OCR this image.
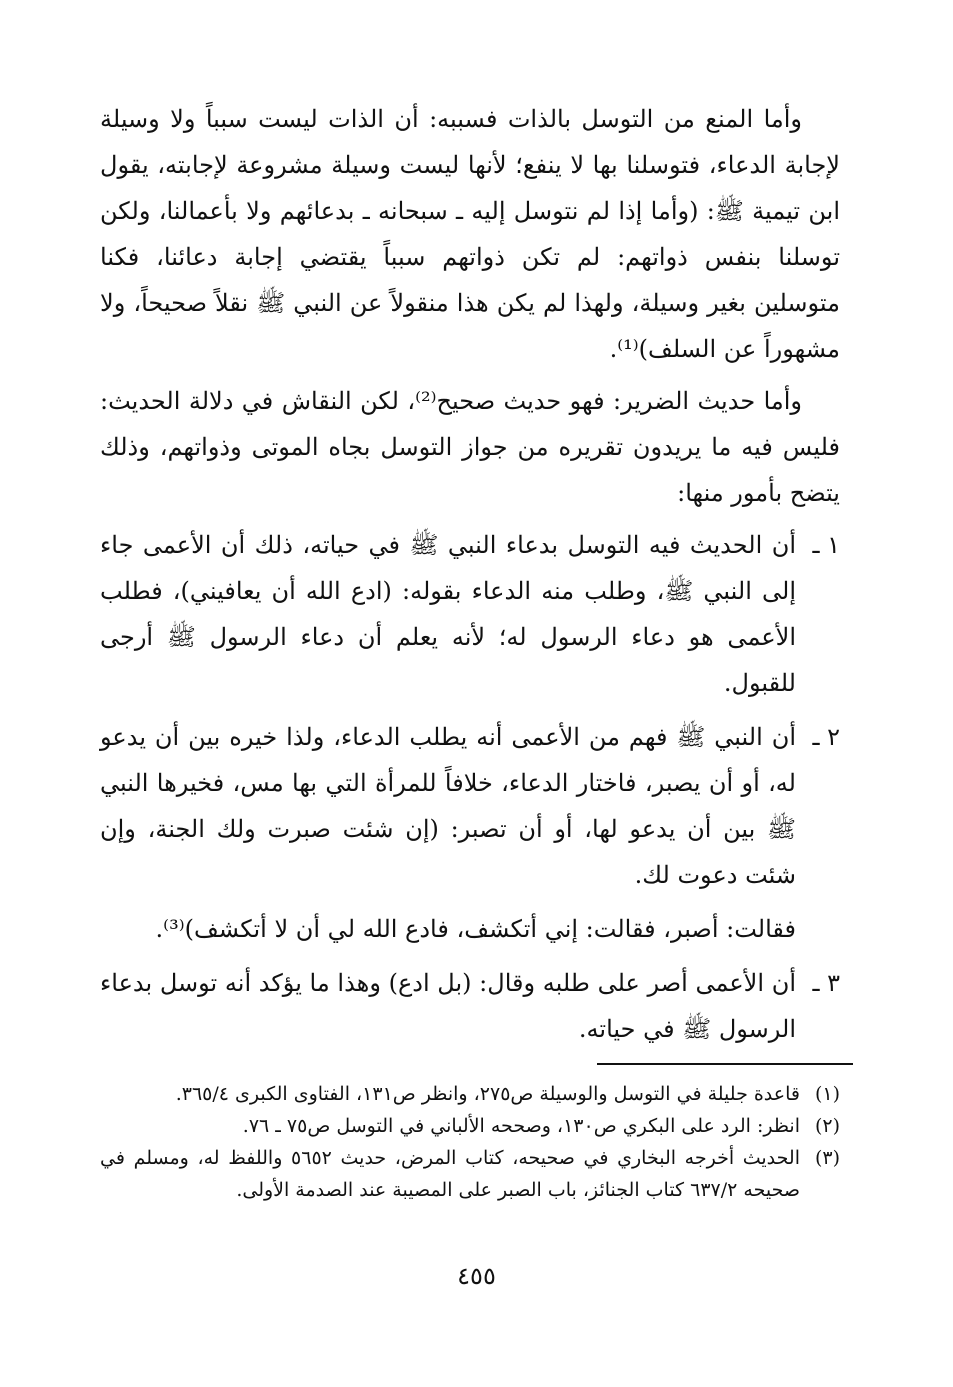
وأما المنع من التوسل بالذات فسببه: أن الذات ليست سبباً ولا وسيلة لإجابة الدعاء، فتوسلنا بها لا ينفع؛ لأنها ليست وسيلة مشروعة لإجابته، يقول ابن تيمية ﷺ: (وأما إذا لم نتوسل إليه ـ سبحانه ـ بدعائهم ولا بأعمالنا، ولكن توسلنا بنفس ذواتهم: لم تكن ذواتهم سبباً يقتضي إجابة دعائنا، فكنا متوسلين بغير وسيلة، ولهذا لم يكن هذا منقولاً عن النبي ﷺ نقلاً صحيحاً، ولا مشهوراً عن السلف)⁽¹⁾.

وأما حديث الضرير: فهو حديث صحيح⁽²⁾، لكن النقاش في دلالة الحديث: فليس فيه ما يريدون تقريره من جواز التوسل بجاه الموتى وذواتهم، وذلك يتضح بأمور منها:

١ ـ
أن الحديث فيه التوسل بدعاء النبي ﷺ في حياته، ذلك أن الأعمى جاء إلى النبي ﷺ، وطلب منه الدعاء بقوله: (ادع الله أن يعافيني)، فطلب الأعمى هو دعاء الرسول له؛ لأنه يعلم أن دعاء الرسول ﷺ أرجى للقبول.
٢ ـ
أن النبي ﷺ فهم من الأعمى أنه يطلب الدعاء، ولذا خيره بين أن يدعو له، أو أن يصبر، فاختار الدعاء، خلافاً للمرأة التي بها مس، فخيرها النبي ﷺ بين أن يدعو لها، أو أن تصبر: (إن شئت صبرت ولك الجنة، وإن شئت دعوت لك.
فقالت: أصبر، فقالت: إني أتكشف، فادع الله لي أن لا أتكشف)⁽³⁾.
٣ ـ
أن الأعمى أصر على طلبه وقال: (بل ادع) وهذا ما يؤكد أنه توسل بدعاء الرسول ﷺ في حياته.
(١)
قاعدة جليلة في التوسل والوسيلة ص٢٧٥، وانظر ص١٣١، الفتاوى الكبرى ٣٦٥/٤.
(٢)
انظر: الرد على البكري ص١٣٠، وصححه الألباني في التوسل ص٧٥ ـ ٧٦.
(٣)
الحديث أخرجه البخاري في صحيحه، كتاب المرض، حديث ٥٦٥٢ واللفظ له، ومسلم في صحيحه ٦٣٧/٢ كتاب الجنائز، باب الصبر على المصيبة عند الصدمة الأولى.
٤٥٥
